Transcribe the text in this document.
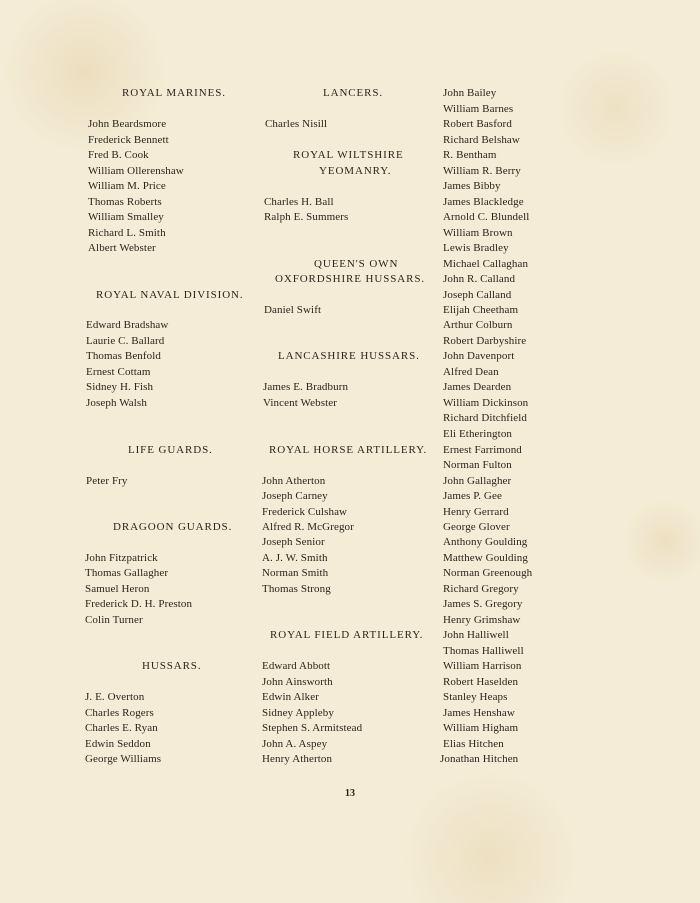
ROYAL MARINES.
John Beardsmore
Frederick Bennett
Fred B. Cook
William Ollerenshaw
William M. Price
Thomas Roberts
William Smalley
Richard L. Smith
Albert Webster
ROYAL NAVAL DIVISION.
Edward Bradshaw
Laurie C. Ballard
Thomas Benfold
Ernest Cottam
Sidney H. Fish
Joseph Walsh
LIFE GUARDS.
Peter Fry
DRAGOON GUARDS.
John Fitzpatrick
Thomas Gallagher
Samuel Heron
Frederick D. H. Preston
Colin Turner
HUSSARS.
J. E. Overton
Charles Rogers
Charles E. Ryan
Edwin Seddon
George Williams
LANCERS.
Charles Nisill
ROYAL WILTSHIRE
YEOMANRY.
Charles H. Ball
Ralph E. Summers
QUEEN'S OWN
OXFORDSHIRE HUSSARS.
Daniel Swift
LANCASHIRE HUSSARS.
James E. Bradburn
Vincent Webster
ROYAL HORSE ARTILLERY.
John Atherton
Joseph Carney
Frederick Culshaw
Alfred R. McGregor
Joseph Senior
A. J. W. Smith
Norman Smith
Thomas Strong
ROYAL FIELD ARTILLERY.
Edward Abbott
John Ainsworth
Edwin Alker
Sidney Appleby
Stephen S. Armitstead
John A. Aspey
Henry Atherton
John Bailey
William Barnes
Robert Basford
Richard Belshaw
R. Bentham
William R. Berry
James Bibby
James Blackledge
Arnold C. Blundell
William Brown
Lewis Bradley
Michael Callaghan
John R. Calland
Joseph Calland
Elijah Cheetham
Arthur Colburn
Robert Darbyshire
John Davenport
Alfred Dean
James Dearden
William Dickinson
Richard Ditchfield
Eli Etherington
Ernest Farrimond
Norman Fulton
John Gallagher
James P. Gee
Henry Gerrard
George Glover
Anthony Goulding
Matthew Goulding
Norman Greenough
Richard Gregory
James S. Gregory
Henry Grimshaw
John Halliwell
Thomas Halliwell
William Harrison
Robert Haselden
Stanley Heaps
James Henshaw
William Higham
Elias Hitchen
Jonathan Hitchen
13
